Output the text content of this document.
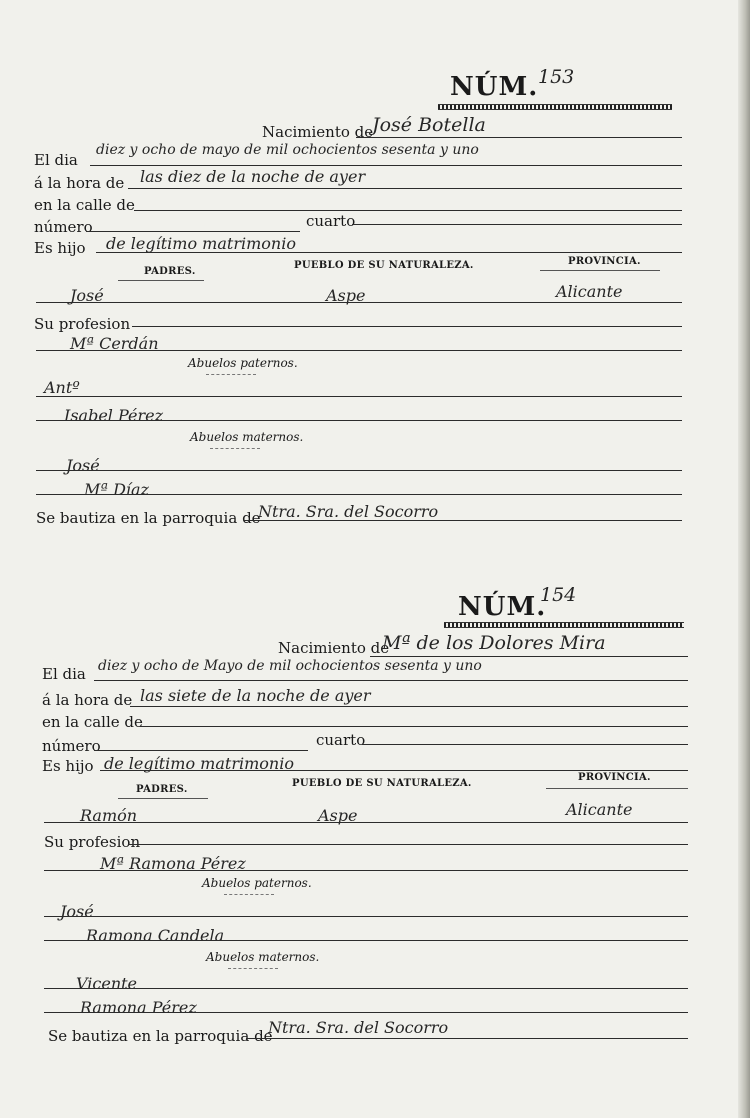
NÚM. 153
Nacimiento de
José Botella
El dia
diez y ocho de mayo de mil ochocientos sesenta y uno
á la hora de las diez de la noche de ayer
en la calle de
número	cuarto
Es hijo de legítimo matrimonio
PADRES.
PUEBLO DE SU NATURALEZA.	PROVINCIA.
José	Aspe	Alicante
Su profesion
Mª Cerdán
Abuelos paternos.
Antº
Isabel Pérez
Abuelos maternos.
José
Mª Díaz
Se bautiza en la parroquia de
Ntra. Sra. del Socorro
NÚM.
154
Nacimiento de
Mª de los Dolores Mira
El dia diez y ocho de Mayo de mil ochocientos sesenta y uno
á la hora de las siete de la noche de ayer
en la calle de
número	cuarto
Es hijo de legítimo matrimonio
PADRES.
PUEBLO DE SU NATURALEZA.
PROVINCIA.
Ramón	Aspe	Alicante
Su profesion
Mª Ramona Pérez
Abuelos paternos.
José
Ramona Candela
Abuelos maternos.
Vicente
Ramona Pérez
Se bautiza en la parroquia de
Ntra. Sra. del Socorro
